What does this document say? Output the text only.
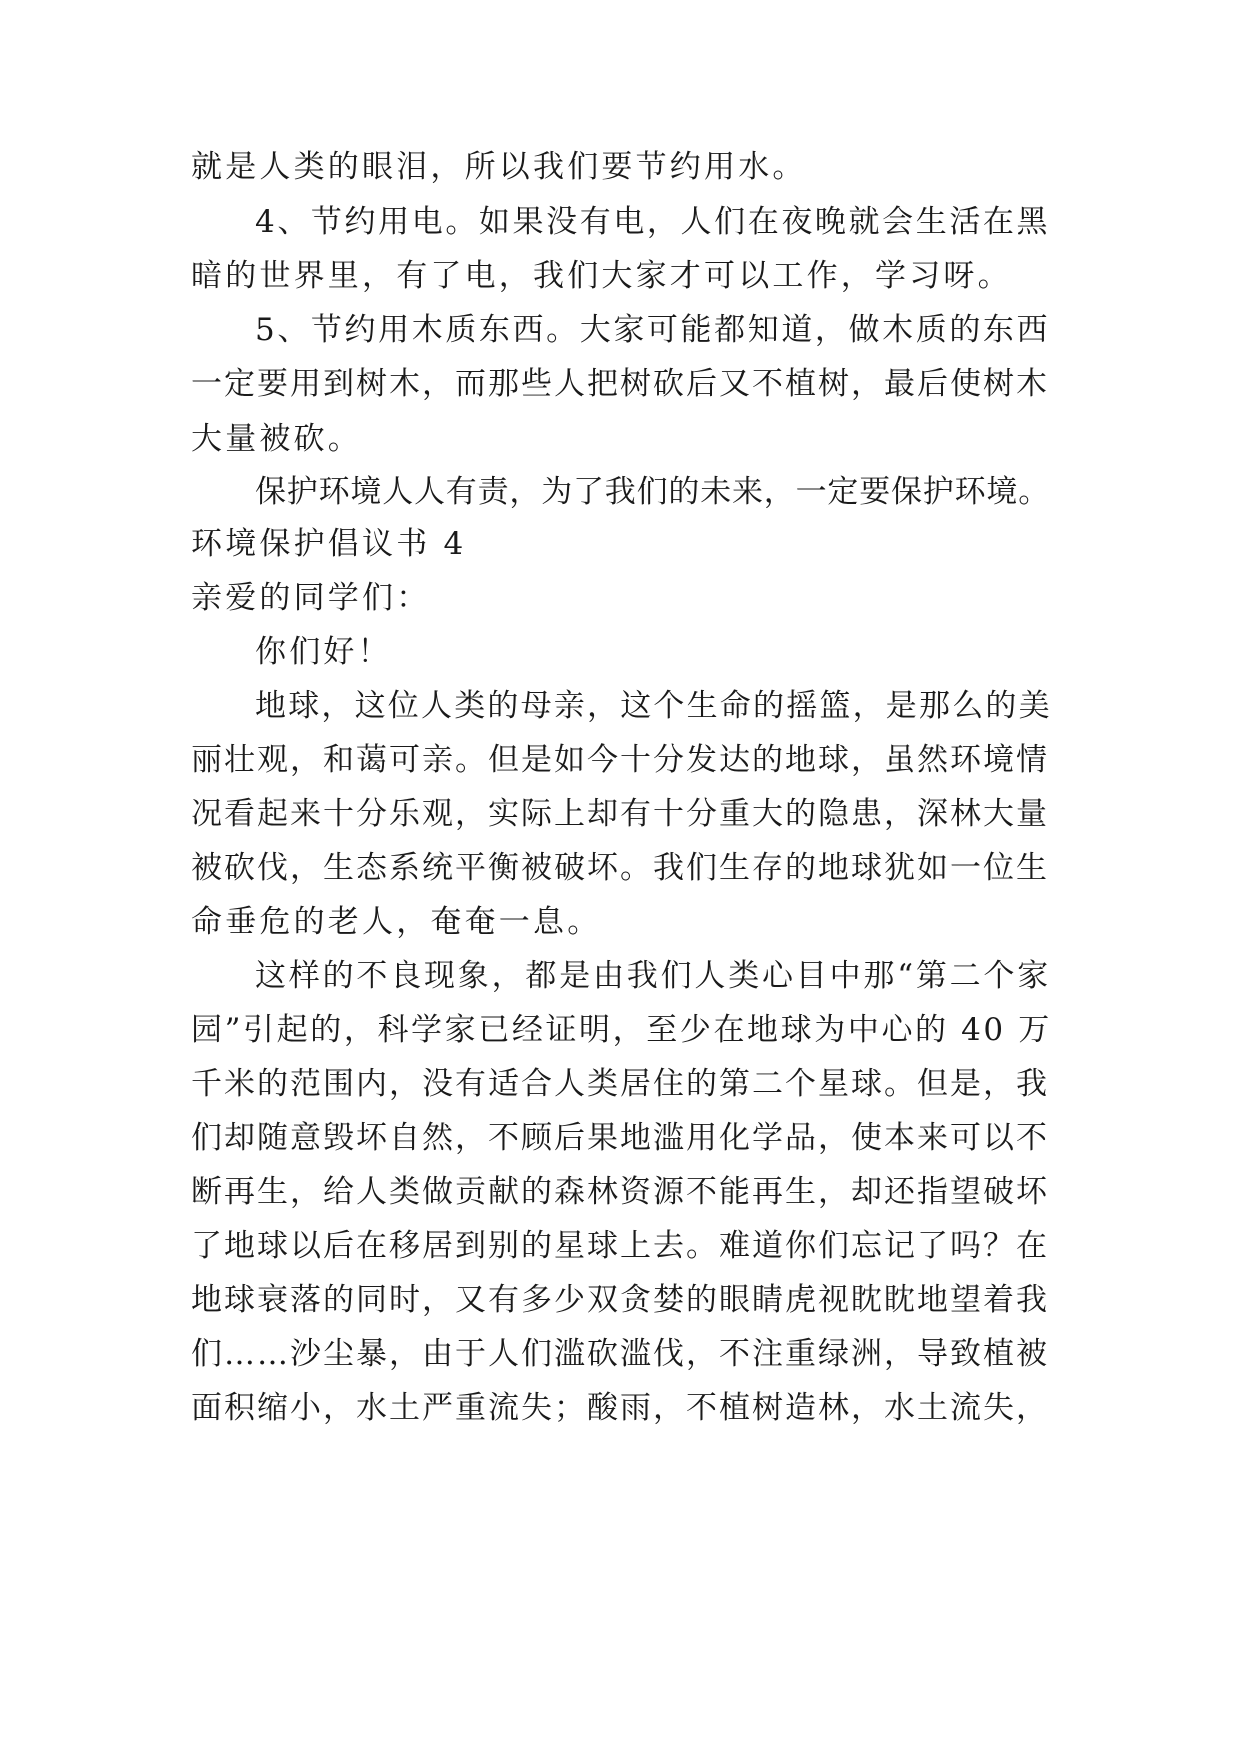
就是人类的眼泪，所以我们要节约用水。
4、节约用电。如果没有电，人们在夜晚就会生活在黑
暗的世界里，有了电，我们大家才可以工作，学习呀。
5、节约用木质东西。大家可能都知道，做木质的东西
一定要用到树木，而那些人把树砍后又不植树，最后使树木
大量被砍。
保护环境人人有责，为了我们的未来，一定要保护环境。
环境保护倡议书 4
亲爱的同学们：
你们好！
地球，这位人类的母亲，这个生命的摇篮，是那么的美
丽壮观，和蔼可亲。但是如今十分发达的地球，虽然环境情
况看起来十分乐观，实际上却有十分重大的隐患，深林大量
被砍伐，生态系统平衡被破坏。我们生存的地球犹如一位生
命垂危的老人，奄奄一息。
这样的不良现象，都是由我们人类心目中那“第二个家
园”引起的，科学家已经证明，至少在地球为中心的 40 万
千米的范围内，没有适合人类居住的第二个星球。但是，我
们却随意毁坏自然，不顾后果地滥用化学品，使本来可以不
断再生，给人类做贡献的森林资源不能再生，却还指望破坏
了地球以后在移居到别的星球上去。难道你们忘记了吗？在
地球衰落的同时，又有多少双贪婪的眼睛虎视眈眈地望着我
们……沙尘暴，由于人们滥砍滥伐，不注重绿洲，导致植被
面积缩小，水土严重流失；酸雨，不植树造林，水土流失，
